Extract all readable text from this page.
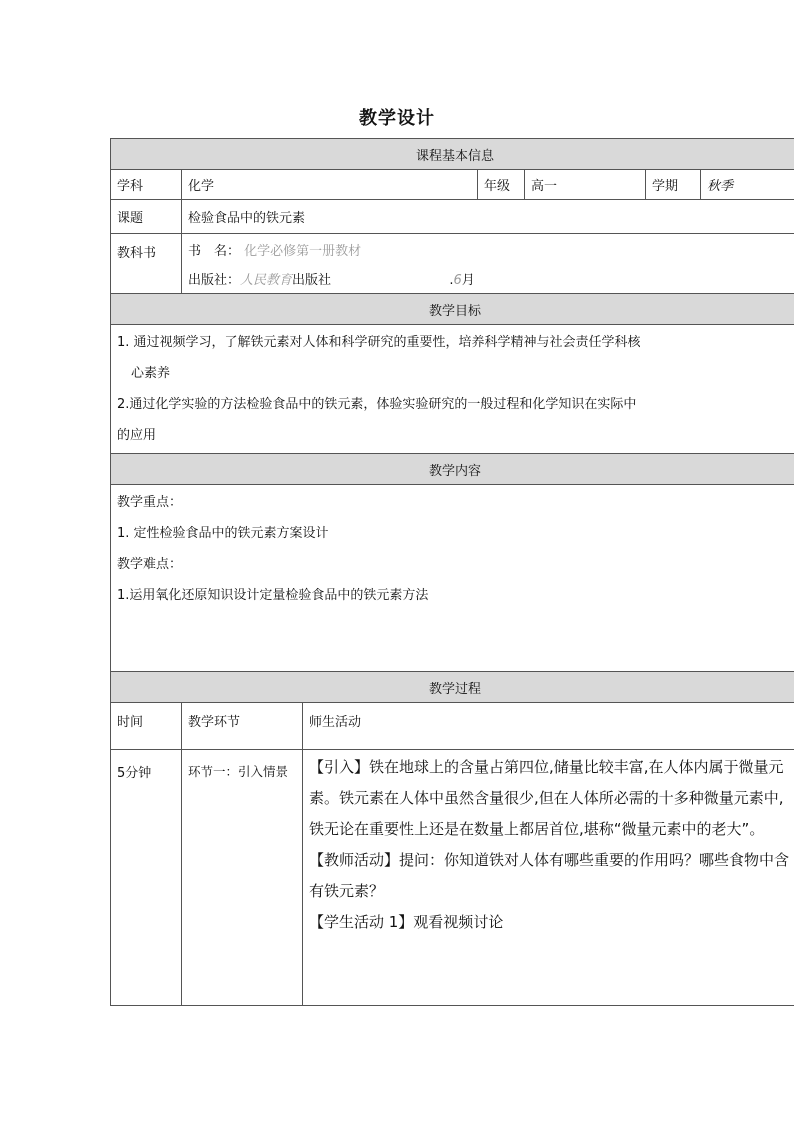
教学设计
课程基本信息						
学科	化学		年级	高一	学期	秋季
课题	检验食品中的铁元素					
教科书	书　名： 化学必修第一册教材					
	出版社：人民教育出版社 .6月					
教学目标						

1. 通过视频学习，了解铁元素对人体和科学研究的重要性，培养科学精神与社会责任学科核
心素养
2.通过化学实验的方法检验食品中的铁元素，体验实验研究的一般过程和化学知识在实际中
的应用						

教学内容						

教学重点：
1. 定性检验食品中的铁元素方案设计
教学难点：
1.运用氧化还原知识设计定量检验食品中的铁元素方法						

教学过程						
时间	教学环节	师生活动				
5分钟	环节一：引入情景	【引入】铁在地球上的含量占第四位,储量比较丰富,在人体内属于微量元素。铁元素在人体中虽然含量很少,但在人体所必需的十多种微量元素中,铁无论在重要性上还是在数量上都居首位,堪称“微量元素中的老大”。
【教师活动】提问：你知道铁对人体有哪些重要的作用吗？哪些食物中含有铁元素？
【学生活动 1】观看视频讨论				
